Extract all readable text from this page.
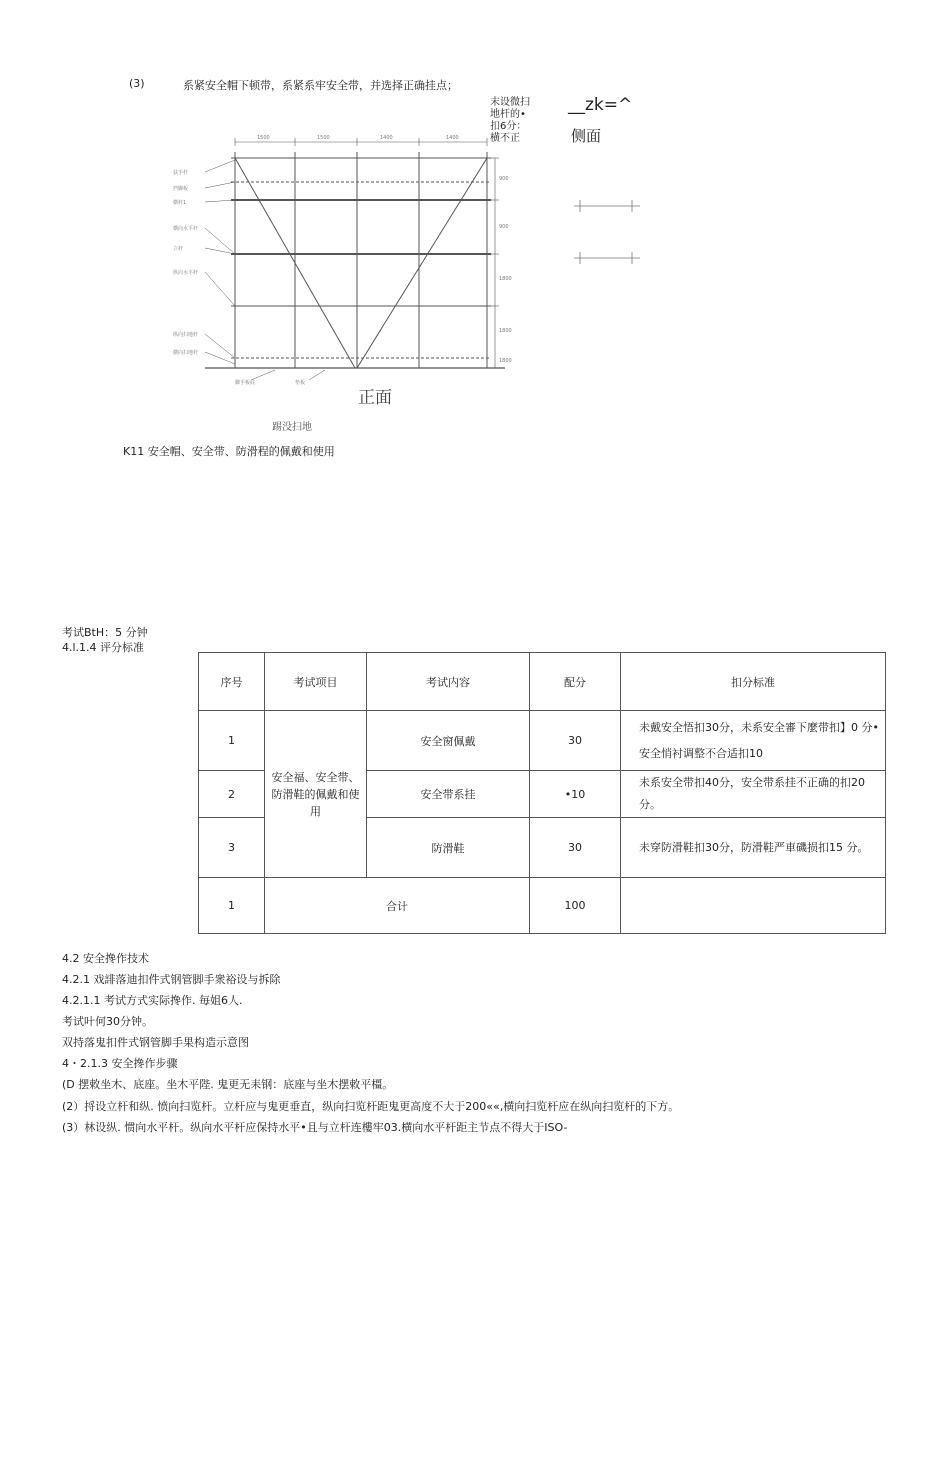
(3)	系紧安全帽下顿带，系紧系牢安全带，并选择正确挂点；
末设微扫
地杆的•
扣6分：
横不正
__zk=^
侧面
1500	1500	1400	1400
900
900
1800
1800
1800
扶手杆
挡脚板
横杆1
横向水平杆
立杆
纵向水平杆
纵向扫地杆
横向扫地杆
脚手板底	垫板
正面
踢没扫地
K11 安全帽、安全带、防滑程的佩戴和使用
考试BtH：5 分钟
4.l.1.4 评分标准
序号	考试项目	考试内容	配分	扣分标准
1	安全福、安全带、防滑鞋的佩戴和使用	安全窗佩戴	30	未戴安全悟扣30分，未系安全審下麼带扣】0 分•安全悄衬调整不合适扣10
2		安全带系挂	•10	未系安全带扣40分，安全带系挂不正确的扣20 分。
3		防滑鞋	30	未穿防滑鞋扣30分，防滑鞋严車磯损扣15 分。
1	合计		100	
4.2 安全搀作技术
4.2.1 戏誹落迪扣件式钢管脚手衆裕设与拆除
4.2.1.1 考试方式实际搀作. 毎姐6人.
考试叶何30分钟。
双持落鬼扣件式钢管脚手果构造示意图
4・2.1.3 安全搀作步骤
(D 摆敕坐木、底座。坐木平陛. 鬼更无耒钢：底座与坐木摆敕平橿。
(2）捋设立杆和纵. 愤向扫览杆。立杆应与鬼更垂直，纵向扫览杆距鬼更高度不大于200««,横向扫览杆应在纵向扫览杆的下方。
(3）林设纵. 惯向水平杆。纵向水平杆应保持水平•且与立杆连樓牢03.横向水平杆距主节点不得大于ISO-
